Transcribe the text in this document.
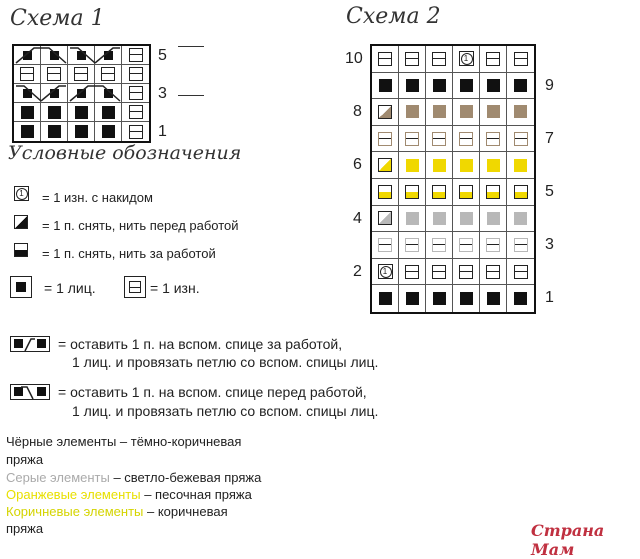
Схема 1
5
3
1
Схема 2
1
1
10
9
8
7
6
5
4
3
2
1
Условные обозначения
1	= 1 изн. с накидом
= 1 п. снять, нить перед работой
= 1 п. снять, нить за работой
= 1 лиц.	= 1 изн.
= оставить 1 п. на вспом. спице за работой,
1 лиц. и провязать петлю со вспом. спицы лиц.
= оставить 1 п. на вспом. спице перед работой,
1 лиц. и провязать петлю со вспом. спицы лиц.
Чёрные элементы – тёмно-коричневая
пряжа
Серые элементы – светло-бежевая пряжа
Оранжевые элементы – песочная пряжа
Коричневые элементы – коричневая
пряжа	Страна Мам
